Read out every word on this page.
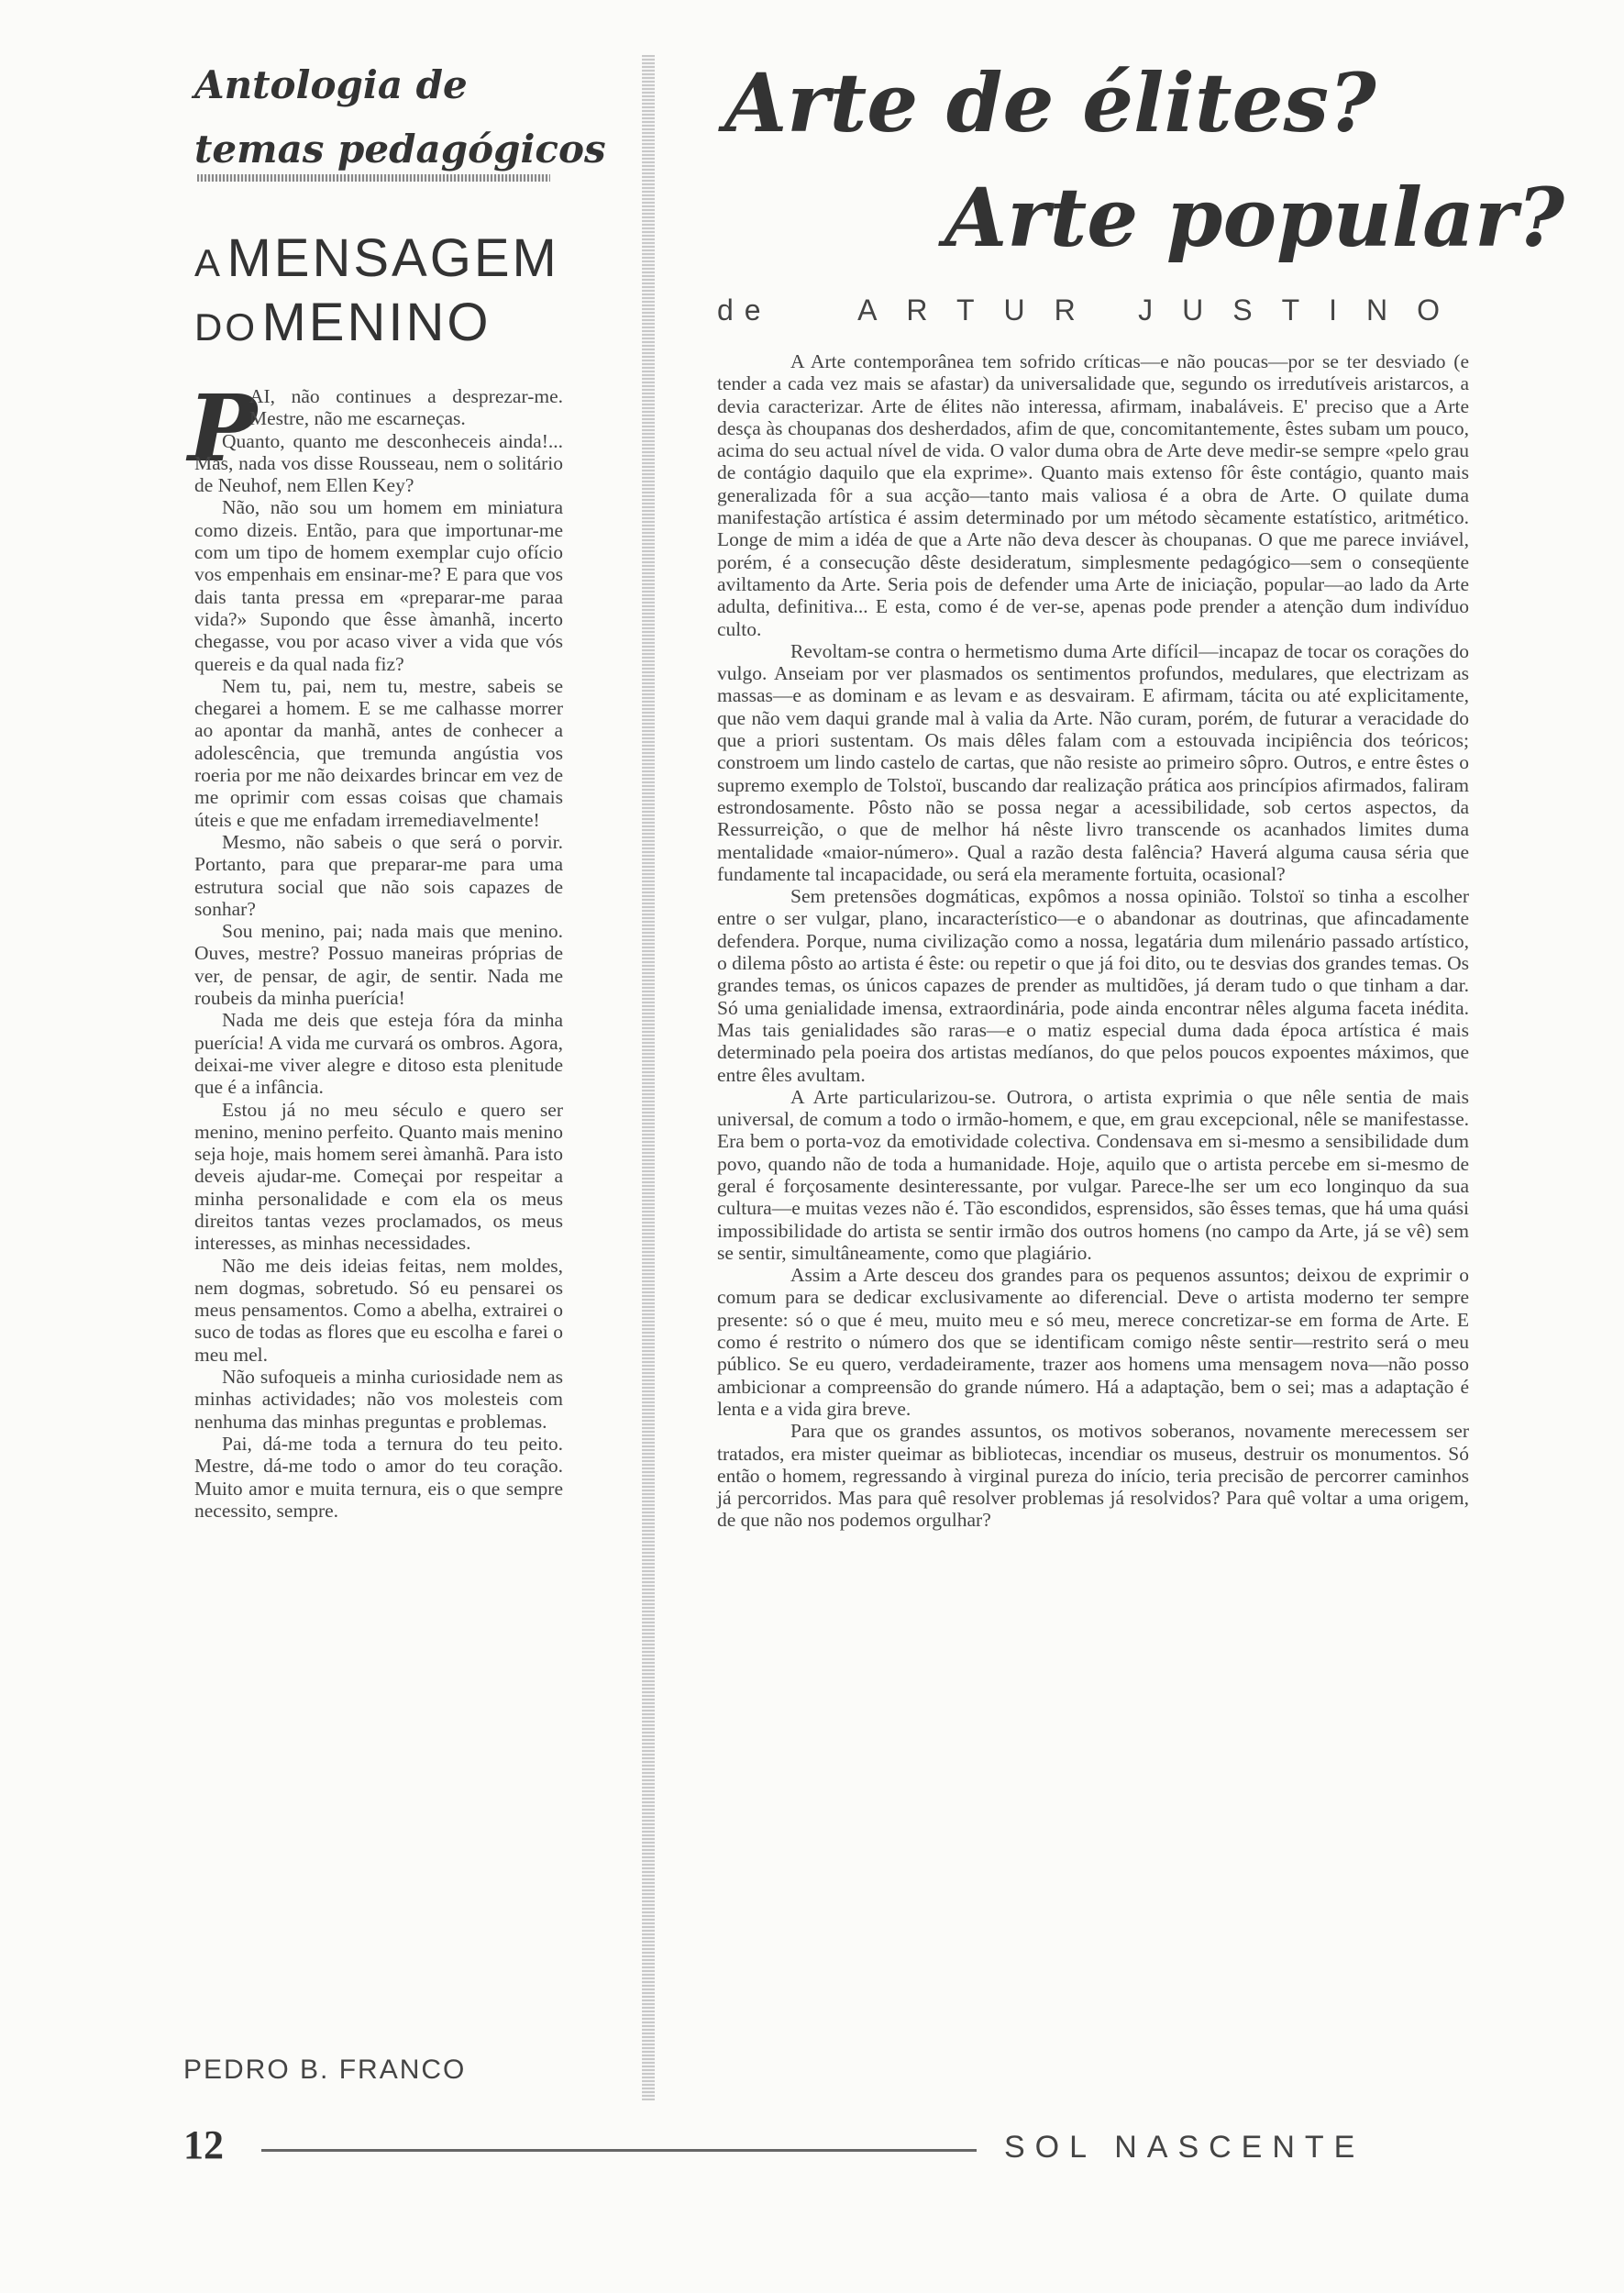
Antologia de
temas pedagógicos
A MENSAGEM
DO MENINO
P

AI, não continues a desprezar-me. Mestre, não me escarneças.

Quanto, quanto me desconheceis ainda!... Mas, nada vos disse Rousseau, nem o solitário de Neuhof, nem Ellen Key?

Não, não sou um homem em miniatura como dizeis. Então, para que importunar-me com um tipo de homem exemplar cujo ofício vos empenhais em ensinar-me? E para que vos dais tanta pressa em «preparar-me paraa vida?» Supondo que êsse àmanhã, incerto chegasse, vou por acaso viver a vida que vós quereis e da qual nada fiz?

Nem tu, pai, nem tu, mestre, sabeis se chegarei a homem. E se me calhasse morrer ao apontar da manhã, antes de conhecer a adolescência, que tremunda angústia vos roeria por me não deixardes brincar em vez de me oprimir com essas coisas que chamais úteis e que me enfadam irremediavelmente!

Mesmo, não sabeis o que será o porvir. Portanto, para que preparar-me para uma estrutura social que não sois capazes de sonhar?

Sou menino, pai; nada mais que menino. Ouves, mestre? Possuo maneiras próprias de ver, de pensar, de agir, de sentir. Nada me roubeis da minha puerícia!

Nada me deis que esteja fóra da minha puerícia! A vida me curvará os ombros. Agora, deixai-me viver alegre e ditoso esta plenitude que é a infância.

Estou já no meu século e quero ser menino, menino perfeito. Quanto mais menino seja hoje, mais homem serei àmanhã. Para isto deveis ajudar-me. Começai por respeitar a minha personalidade e com ela os meus direitos tantas vezes proclamados, os meus interesses, as minhas necessidades.

Não me deis ideias feitas, nem moldes, nem dogmas, sobretudo. Só eu pensarei os meus pensamentos. Como a abelha, extrairei o suco de todas as flores que eu escolha e farei o meu mel.

Não sufoqueis a minha curiosidade nem as minhas actividades; não vos molesteis com nenhuma das minhas preguntas e problemas.

Pai, dá-me toda a ternura do teu peito. Mestre, dá-me todo o amor do teu coração. Muito amor e muita ternura, eis o que sempre necessito, sempre.

PEDRO B. FRANCO
Arte de élites?
Arte popular?
de	ARTUR JUSTINO

A Arte contemporânea tem sofrido críticas—e não poucas—por se ter desviado (e tender a cada vez mais se afastar) da universalidade que, segundo os irredutíveis aristarcos, a devia caracterizar. Arte de élites não interessa, afirmam, inabaláveis. E' preciso que a Arte desça às choupanas dos desherdados, afim de que, concomitantemente, êstes subam um pouco, acima do seu actual nível de vida. O valor duma obra de Arte deve medir-se sempre «pelo grau de contágio daquilo que ela exprime». Quanto mais extenso fôr êste contágio, quanto mais generalizada fôr a sua acção—tanto mais valiosa é a obra de Arte. O quilate duma manifestação artística é assim determinado por um método sècamente estatístico, aritmético. Longe de mim a idéa de que a Arte não deva descer às choupanas. O que me parece inviável, porém, é a consecução dêste desideratum, simplesmente pedagógico—sem o conseqüente aviltamento da Arte. Seria pois de defender uma Arte de iniciação, popular—ao lado da Arte adulta, definitiva... E esta, como é de ver-se, apenas pode prender a atenção dum indivíduo culto.

Revoltam-se contra o hermetismo duma Arte difícil—incapaz de tocar os corações do vulgo. Anseiam por ver plasmados os sentimentos profundos, medulares, que electrizam as massas—e as dominam e as levam e as desvairam. E afirmam, tácita ou até explicitamente, que não vem daqui grande mal à valia da Arte. Não curam, porém, de futurar a veracidade do que a priori sustentam. Os mais dêles falam com a estouvada incipiência dos teóricos; constroem um lindo castelo de cartas, que não resiste ao primeiro sôpro. Outros, e entre êstes o supremo exemplo de Tolstoï, buscando dar realização prática aos princípios afirmados, faliram estrondosamente. Pôsto não se possa negar a acessibilidade, sob certos aspectos, da Ressurreição, o que de melhor há nêste livro transcende os acanhados limites duma mentalidade «maior-número». Qual a razão desta falência? Haverá alguma causa séria que fundamente tal incapacidade, ou será ela meramente fortuita, ocasional?

Sem pretensões dogmáticas, expômos a nossa opinião. Tolstoï so tinha a escolher entre o ser vulgar, plano, incaracterístico—e o abandonar as doutrinas, que afincadamente defendera. Porque, numa civilização como a nossa, legatária dum milenário passado artístico, o dilema pôsto ao artista é êste: ou repetir o que já foi dito, ou te desvias dos grandes temas. Os grandes temas, os únicos capazes de prender as multidões, já deram tudo o que tinham a dar. Só uma genialidade imensa, extraordinária, pode ainda encontrar nêles alguma faceta inédita. Mas tais genialidades são raras—e o matiz especial duma dada época artística é mais determinado pela poeira dos artistas medíanos, do que pelos poucos expoentes máximos, que entre êles avultam.

A Arte particularizou-se. Outrora, o artista exprimia o que nêle sentia de mais universal, de comum a todo o irmão-homem, e que, em grau excepcional, nêle se manifestasse. Era bem o porta-voz da emotividade colectiva. Condensava em si-mesmo a sensibilidade dum povo, quando não de toda a humanidade. Hoje, aquilo que o artista percebe em si-mesmo de geral é forçosamente desinteressante, por vulgar. Parece-lhe ser um eco longinquo da sua cultura—e muitas vezes não é. Tão escondidos, esprensidos, são êsses temas, que há uma quási impossibilidade do artista se sentir irmão dos outros homens (no campo da Arte, já se vê) sem se sentir, simultâneamente, como que plagiário.

Assim a Arte desceu dos grandes para os pequenos assuntos; deixou de exprimir o comum para se dedicar exclusivamente ao diferencial. Deve o artista moderno ter sempre presente: só o que é meu, muito meu e só meu, merece concretizar-se em forma de Arte. E como é restrito o número dos que se identificam comigo nêste sentir—restrito será o meu público. Se eu quero, verdadeiramente, trazer aos homens uma mensagem nova—não posso ambicionar a compreensão do grande número. Há a adaptação, bem o sei; mas a adaptação é lenta e a vida gira breve.

Para que os grandes assuntos, os motivos soberanos, novamente merecessem ser tratados, era mister queimar as bibliotecas, incendiar os museus, destruir os monumentos. Só então o homem, regressando à virginal pureza do início, teria precisão de percorrer caminhos já percorridos. Mas para quê resolver problemas já resolvidos? Para quê voltar a uma origem, de que não nos podemos orgulhar?

12	SOL NASCENTE
